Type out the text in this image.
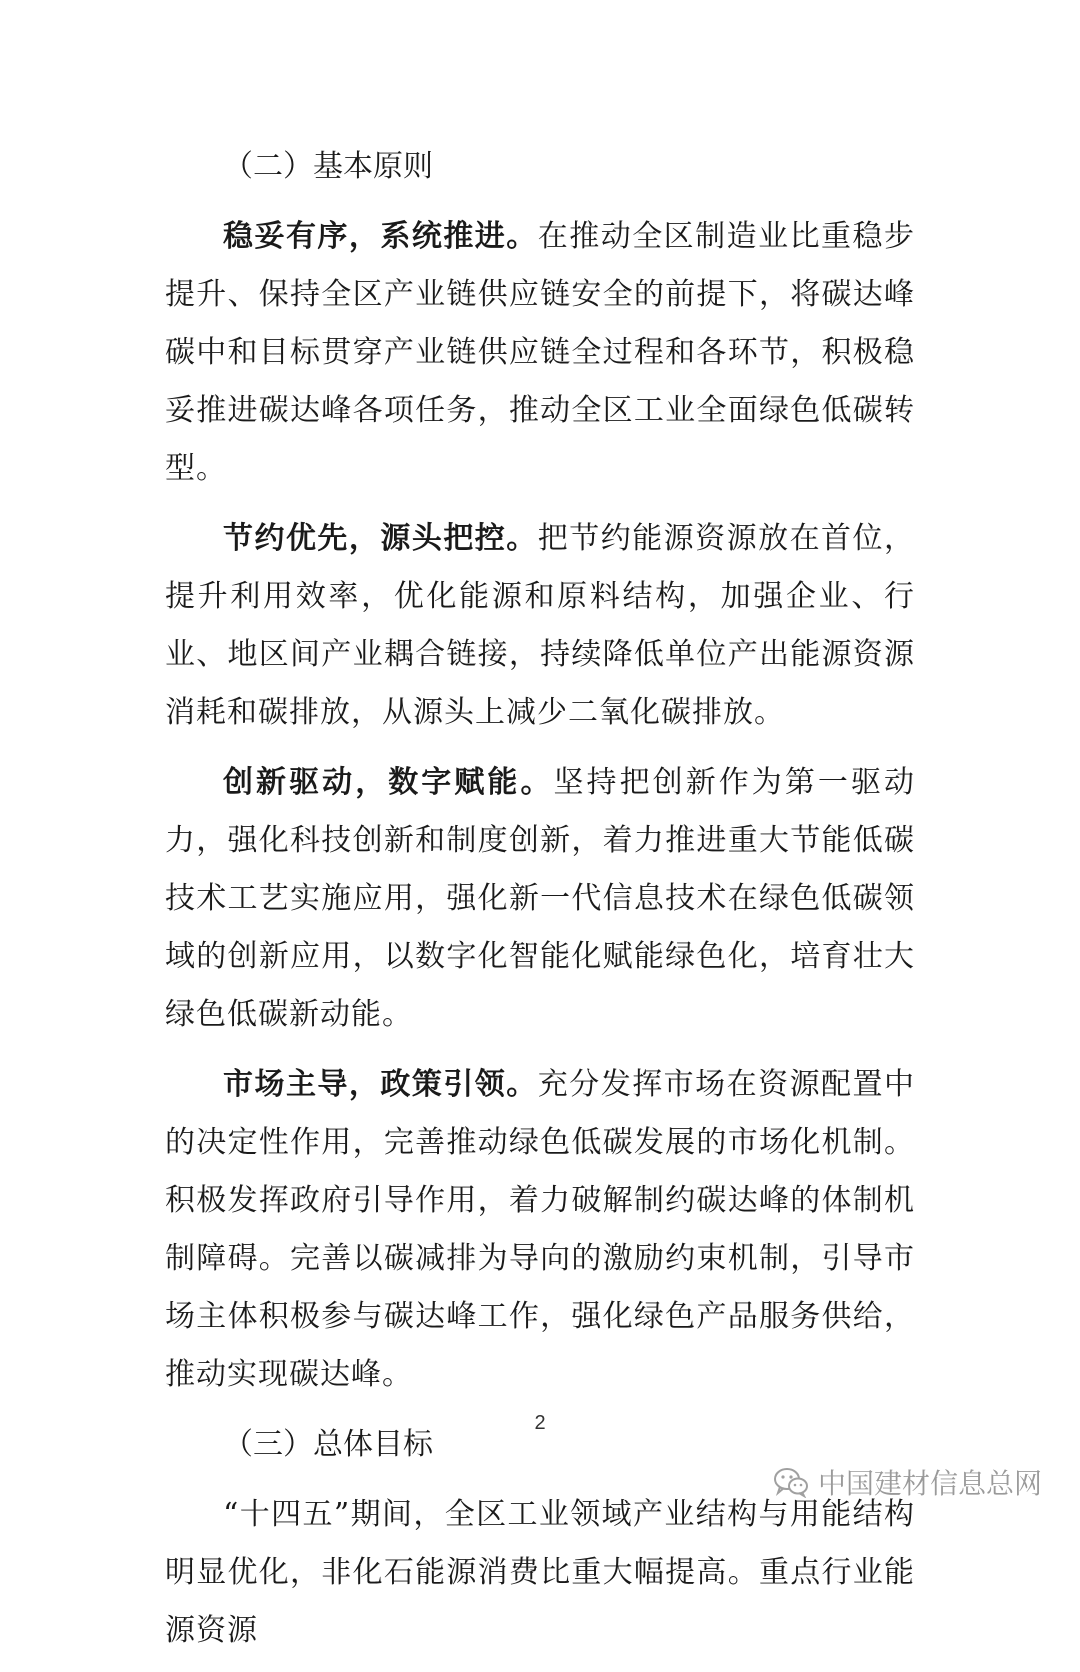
（二）基本原则

稳妥有序，系统推进。在推动全区制造业比重稳步提升、保持全区产业链供应链安全的前提下，将碳达峰碳中和目标贯穿产业链供应链全过程和各环节，积极稳妥推进碳达峰各项任务，推动全区工业全面绿色低碳转型。

节约优先，源头把控。把节约能源资源放在首位，提升利用效率，优化能源和原料结构，加强企业、行业、地区间产业耦合链接，持续降低单位产出能源资源消耗和碳排放，从源头上减少二氧化碳排放。

创新驱动，数字赋能。坚持把创新作为第一驱动力，强化科技创新和制度创新，着力推进重大节能低碳技术工艺实施应用，强化新一代信息技术在绿色低碳领域的创新应用，以数字化智能化赋能绿色化，培育壮大绿色低碳新动能。

市场主导，政策引领。充分发挥市场在资源配置中的决定性作用，完善推动绿色低碳发展的市场化机制。积极发挥政府引导作用，着力破解制约碳达峰的体制机制障碍。完善以碳减排为导向的激励约束机制，引导市场主体积极参与碳达峰工作，强化绿色产品服务供给，推动实现碳达峰。

（三）总体目标

“十四五”期间，全区工业领域产业结构与用能结构明显优化，非化石能源消费比重大幅提高。重点行业能源资源

2
中国建材信息总网
